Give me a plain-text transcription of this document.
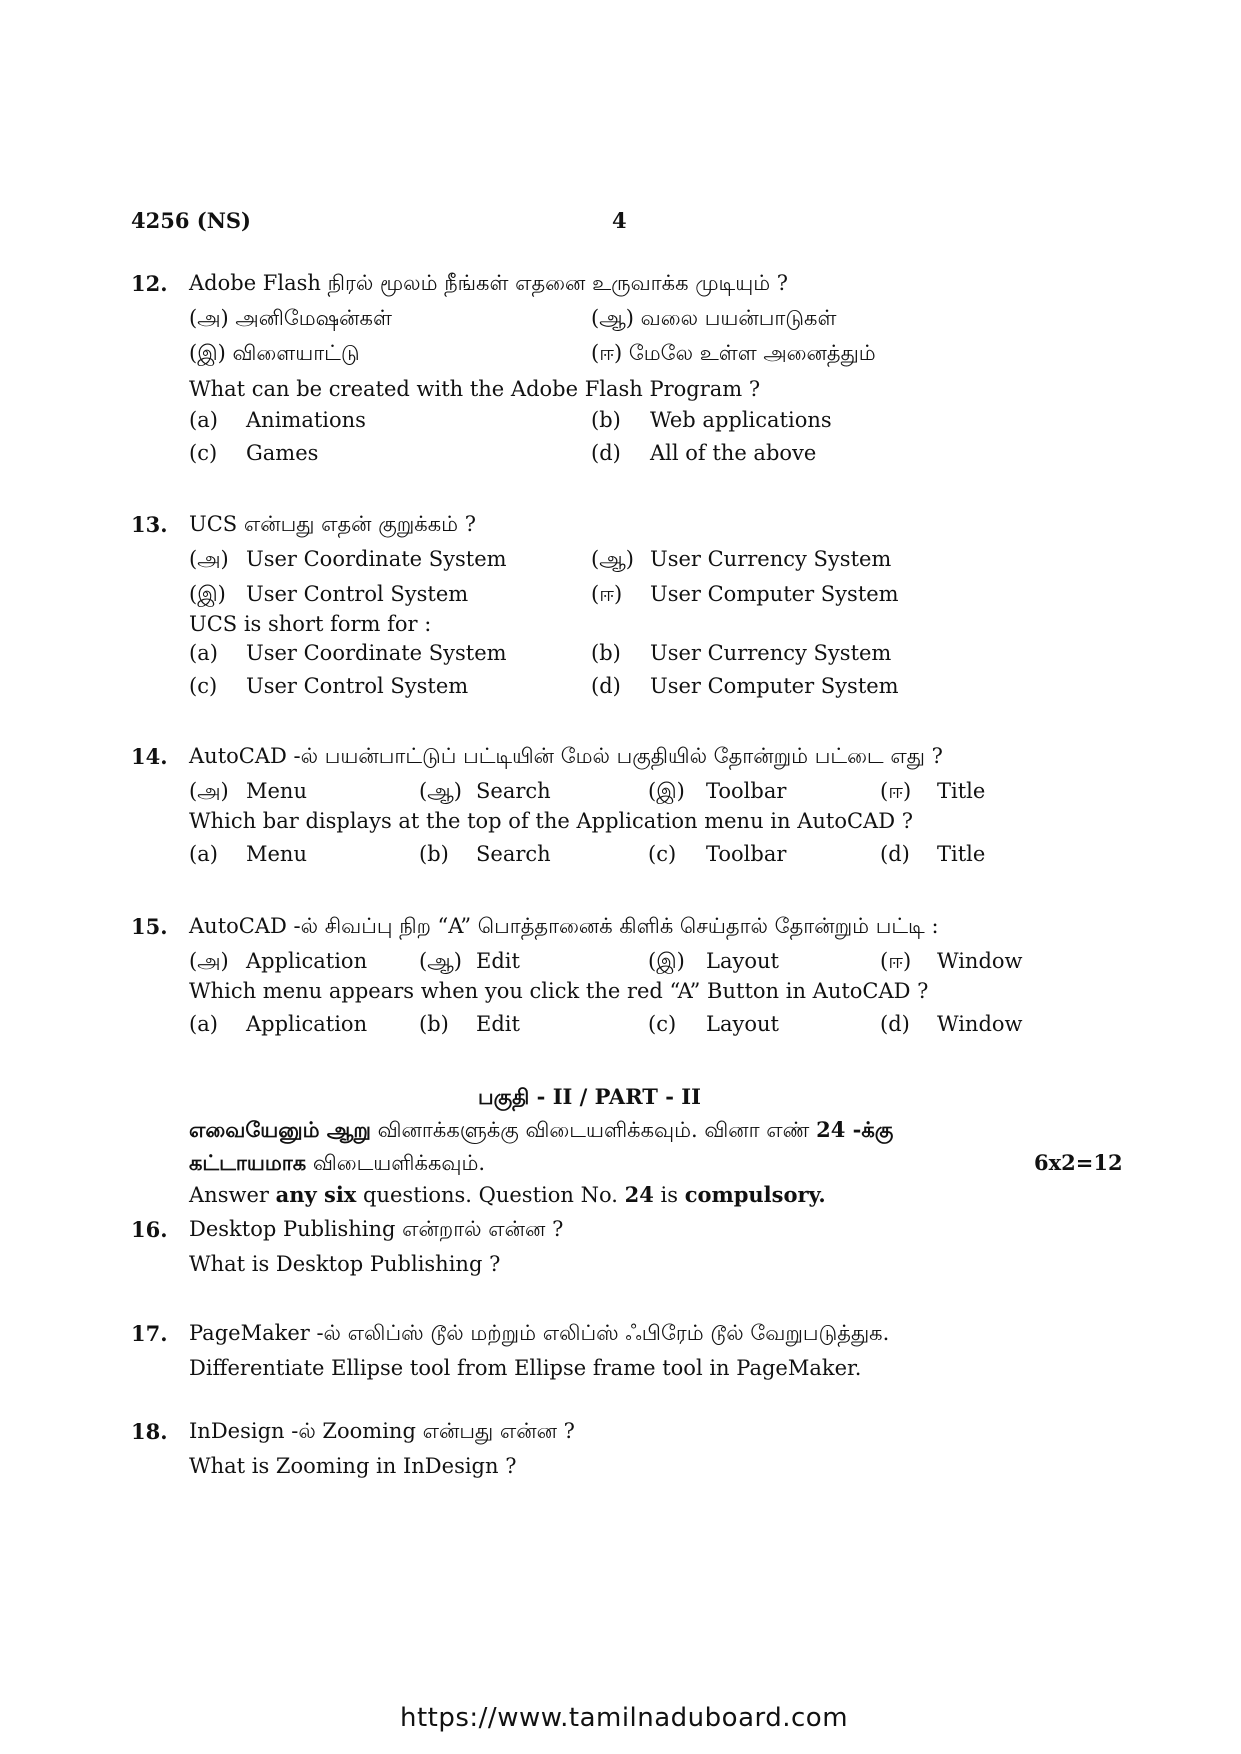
4256 (NS)	4
12. Adobe Flash நிரல் மூலம் நீங்கள் எதனை உருவாக்க முடியும் ?
(அ) அனிமேஷன்கள்	(ஆ) வலை பயன்பாடுகள்
(இ) விளையாட்டு	(ஈ) மேலே உள்ள அனைத்தும்
What can be created with the Adobe Flash Program ?
(a) Animations	(b) Web applications
(c) Games	(d) All of the above
13. UCS என்பது எதன் குறுக்கம் ?
(அ) User Coordinate System	(ஆ) User Currency System
(இ) User Control System	(ஈ) User Computer System
UCS is short form for :
(a) User Coordinate System	(b) User Currency System
(c) User Control System	(d) User Computer System
14. AutoCAD -ல் பயன்பாட்டுப் பட்டியின் மேல் பகுதியில் தோன்றும் பட்டை எது ?
(அ) Menu	(ஆ) Search	(இ) Toolbar	(ஈ) Title
Which bar displays at the top of the Application menu in AutoCAD ?
(a) Menu	(b) Search	(c) Toolbar	(d) Title
15. AutoCAD -ல் சிவப்பு நிற “A” பொத்தானைக் கிளிக் செய்தால் தோன்றும் பட்டி :
(அ) Application (ஆ) Edit	(இ) Layout	(ஈ) Window
Which menu appears when you click the red “A” Button in AutoCAD ?
(a) Application (b) Edit	(c) Layout	(d) Window
பகுதி - II / PART - II
எவையேனும் ஆறு வினாக்களுக்கு விடையளிக்கவும். வினா எண் 24 -க்கு
கட்டாயமாக விடையளிக்கவும்.	6x2=12
Answer any six questions. Question No. 24 is compulsory.
16. Desktop Publishing என்றால் என்ன ?
What is Desktop Publishing ?
17. PageMaker -ல் எலிப்ஸ் டூல் மற்றும் எலிப்ஸ் ஃபிரேம் டூல் வேறுபடுத்துக.
Differentiate Ellipse tool from Ellipse frame tool in PageMaker.
18. InDesign -ல் Zooming என்பது என்ன ?
What is Zooming in InDesign ?
https://www.tamilnaduboard.com
